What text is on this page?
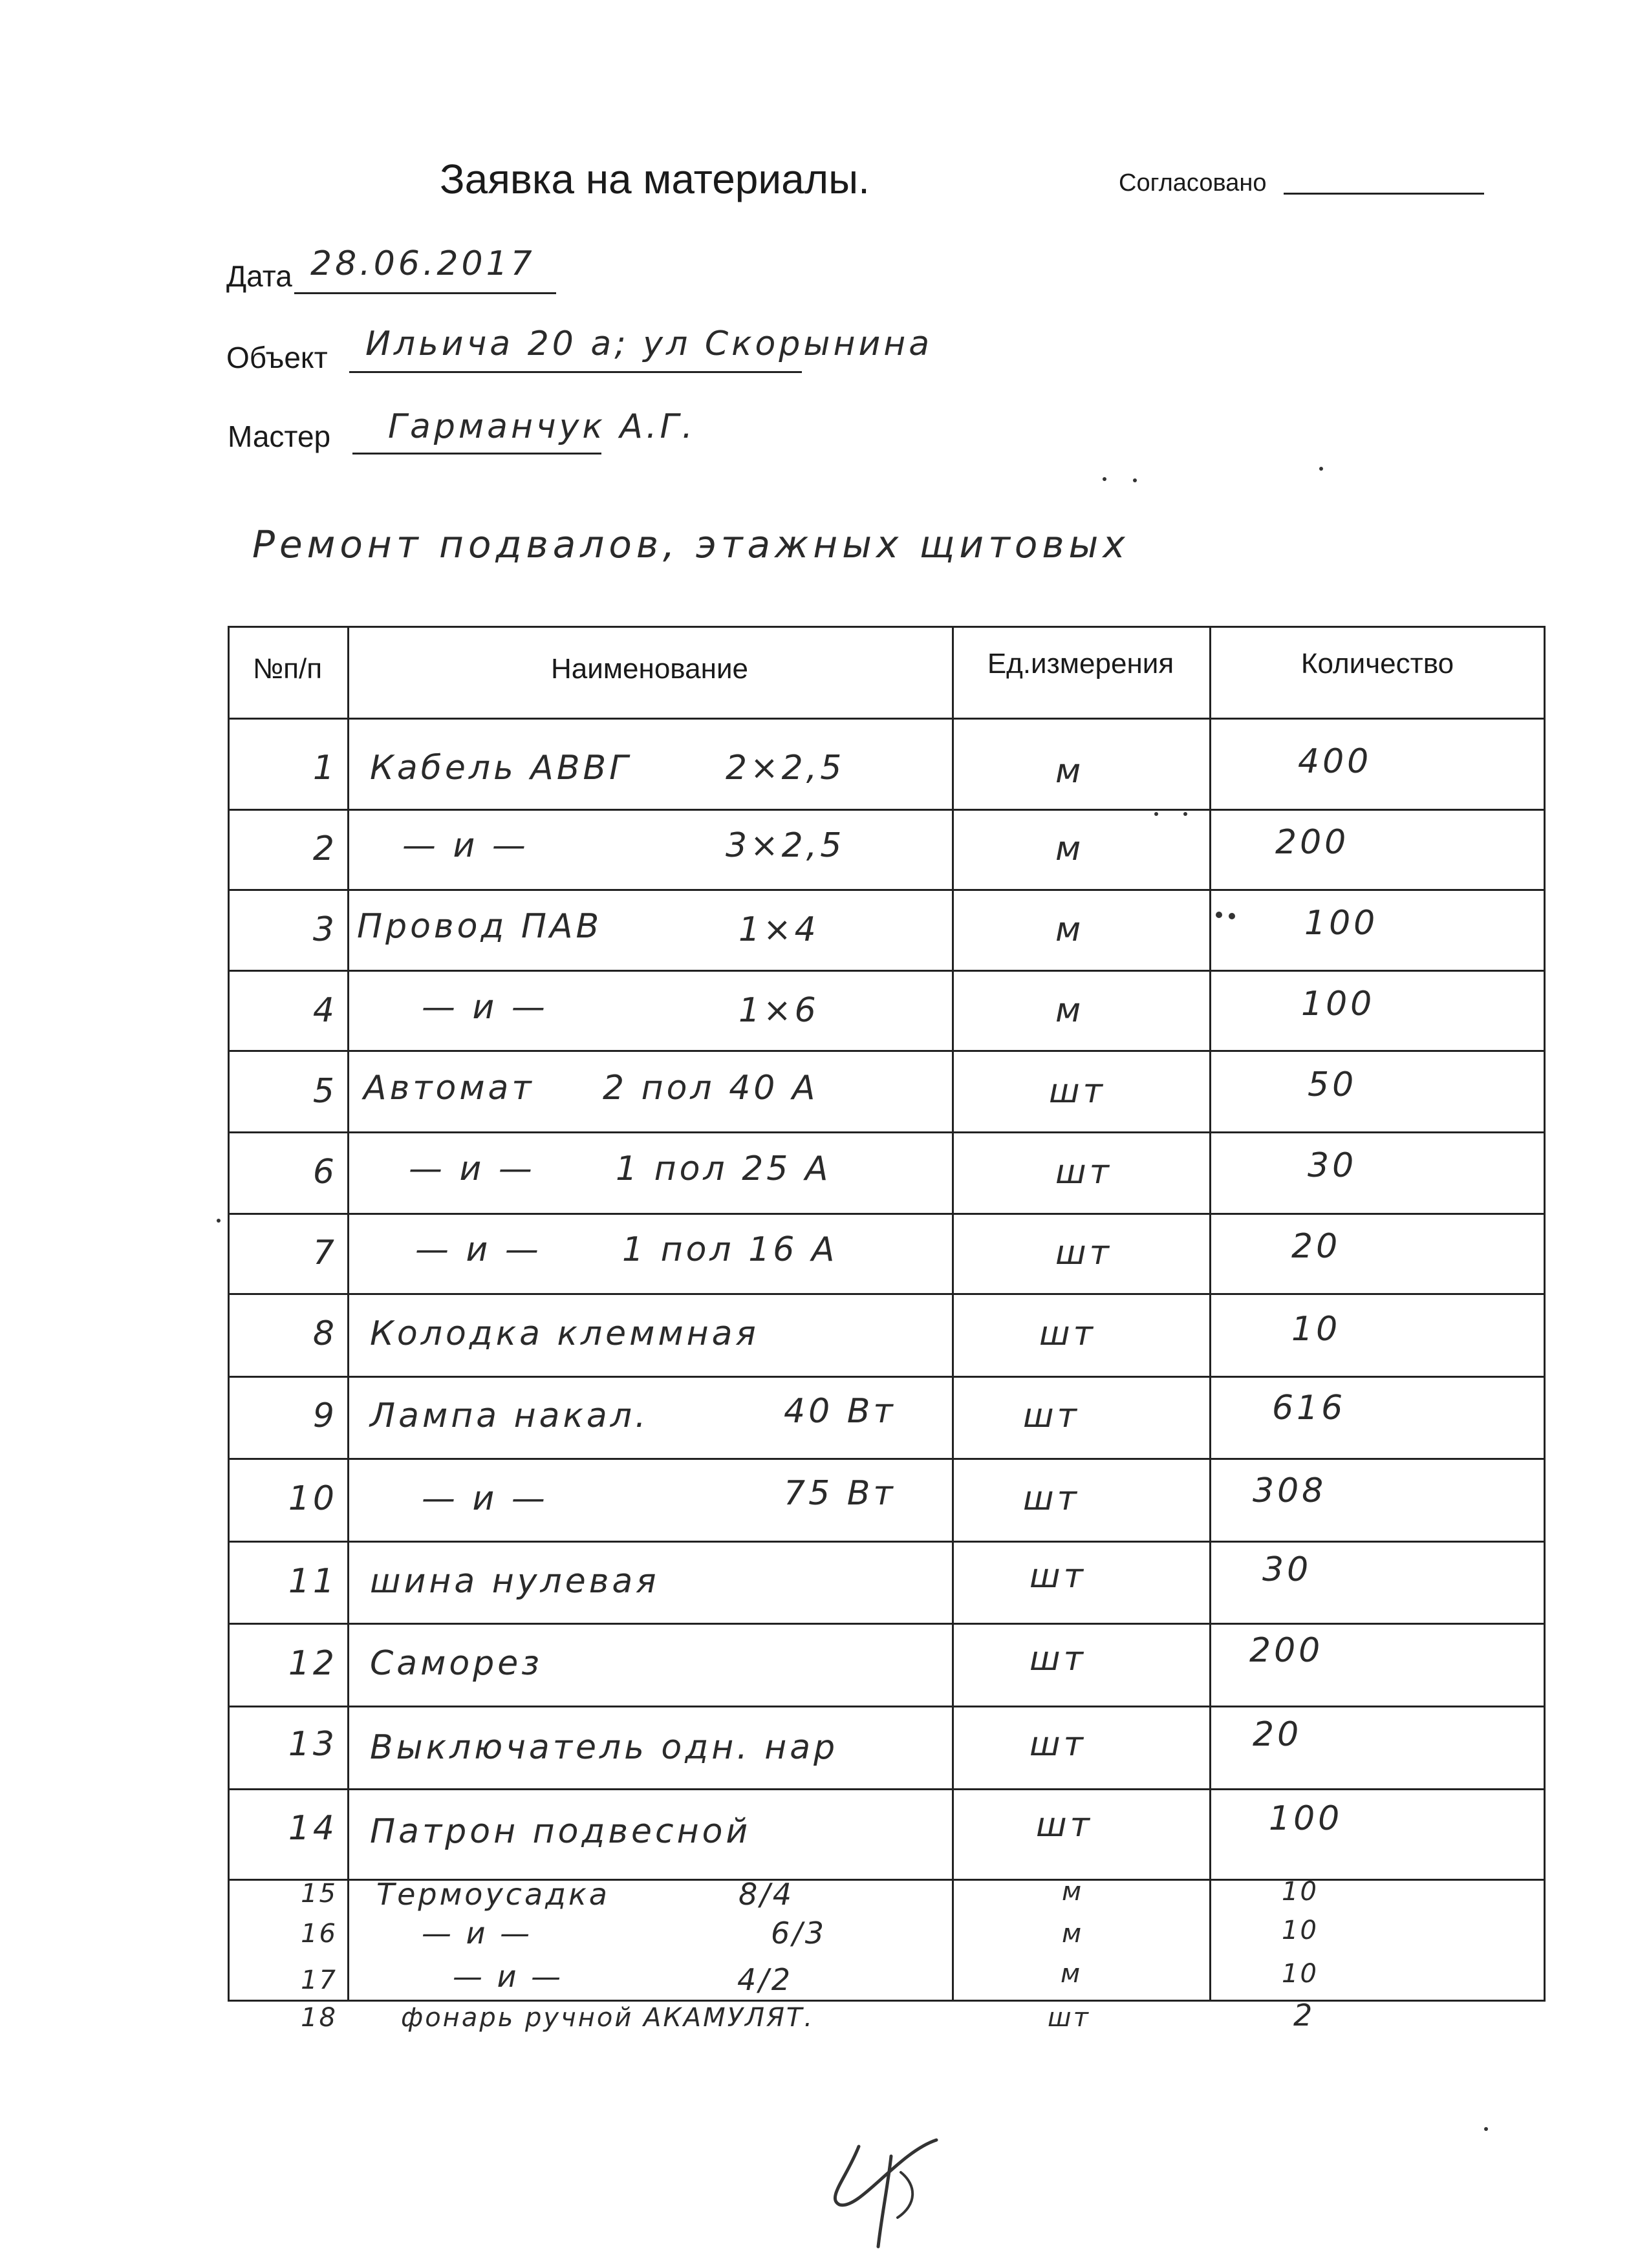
Заявка на материалы.	Согласовано
Дата 28.06.2017
Объект Ильича 20 а; ул Скорынина
Мастер Гарманчук А.Г.
Ремонт подвалов, этажных щитовых
№п/п	Наименование	Ед.измерения	Количество
1 Кабель АВВГ	2×2,5	м	400
2 — и —	3×2,5	м	200
3 Провод ПАВ	1×4	м	100
4	— и —	1×6	м	100
5 Автомат 2 пол 40 А	шт	50
6 — и — 1 пол 25 А	шт	30
7 — и — 1 пол 16 А	шт	20
8 Колодка клеммная	шт	10
9 Лампа накал.	40 Вт	шт	616
10	— и —	75 Вт	шт	308
11 шина нулевая	шт	30
12 Саморез	шт	200
13 Выключатель одн. нар	шт	20
14 Патрон подвесной	шт	100
15 Термоусадка	8/4	м	10
16	— и —	6/3	м	10
17	— и —	4/2	м	10
18 фонарь ручной АКАМУЛЯТ.	шт	2
